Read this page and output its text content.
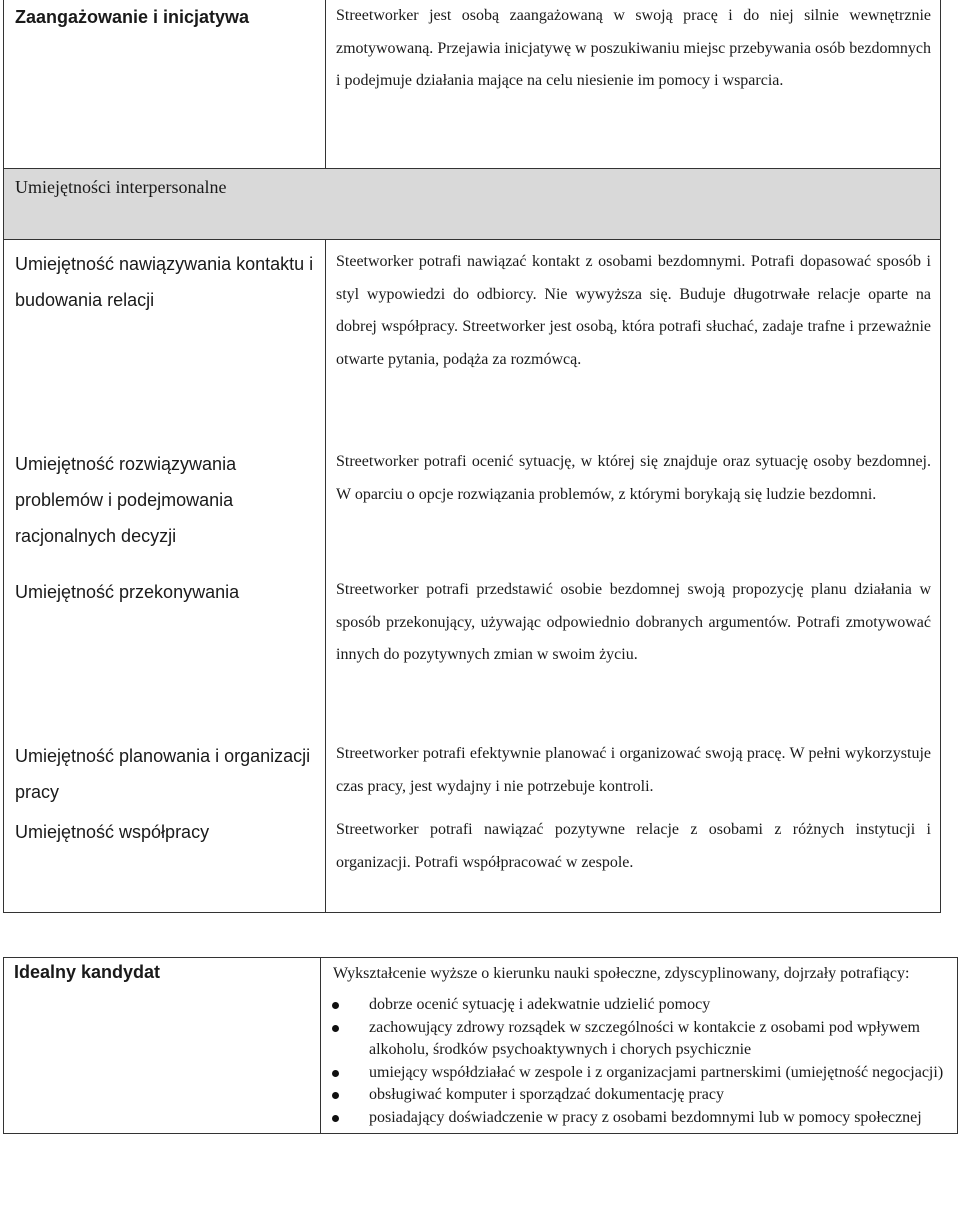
Zaangażowanie i inicjatywa	Streetworker jest osobą zaangażowaną w swoją pracę i do niej silnie wewnętrznie zmotywowaną. Przejawia inicjatywę w poszukiwaniu miejsc przebywania osób bezdomnych i podejmuje działania mające na celu niesienie im pomocy i wsparcia.

Umiejętności interpersonalne	

Umiejętność nawiązywania kontaktu i budowania relacji	Steetworker potrafi nawiązać kontakt z osobami bezdomnymi. Potrafi dopasować sposób i styl wypowiedzi do odbiorcy. Nie wywyższa się. Buduje długotrwałe relacje oparte na dobrej współpracy. Streetworker jest osobą, która potrafi słuchać, zadaje trafne i przeważnie otwarte pytania, podąża za rozmówcą.

Umiejętność rozwiązywania problemów i podejmowania racjonalnych decyzji	Streetworker potrafi ocenić sytuację, w której się znajduje oraz sytuację osoby bezdomnej. W oparciu o opcje rozwiązania problemów, z którymi borykają się ludzie bezdomni.

Umiejętność przekonywania	Streetworker potrafi przedstawić osobie bezdomnej swoją propozycję planu działania w sposób przekonujący, używając odpowiednio dobranych argumentów. Potrafi zmotywować innych do pozytywnych zmian w swoim życiu.

Umiejętność planowania i organizacji pracy	Streetworker potrafi efektywnie planować i organizować swoją pracę. W pełni wykorzystuje czas pracy, jest wydajny i nie potrzebuje kontroli.

Umiejętność współpracy	Streetworker potrafi nawiązać pozytywne relacje z osobami z różnych instytucji i organizacji. Potrafi współpracować w zespole.
Idealny kandydat	Wykształcenie wyższe o kierunku nauki społeczne, zdyscyplinowany, dojrzały potrafiący:
dobrze ocenić sytuację i adekwatnie udzielić pomocy
zachowujący zdrowy rozsądek w szczególności w kontakcie z osobami pod wpływem alkoholu, środków psychoaktywnych i chorych psychicznie
umiejący współdziałać w zespole i z organizacjami partnerskimi (umiejętność negocjacji)
obsługiwać komputer i sporządzać dokumentację pracy
posiadający doświadczenie w pracy z osobami bezdomnymi lub w pomocy społecznej
